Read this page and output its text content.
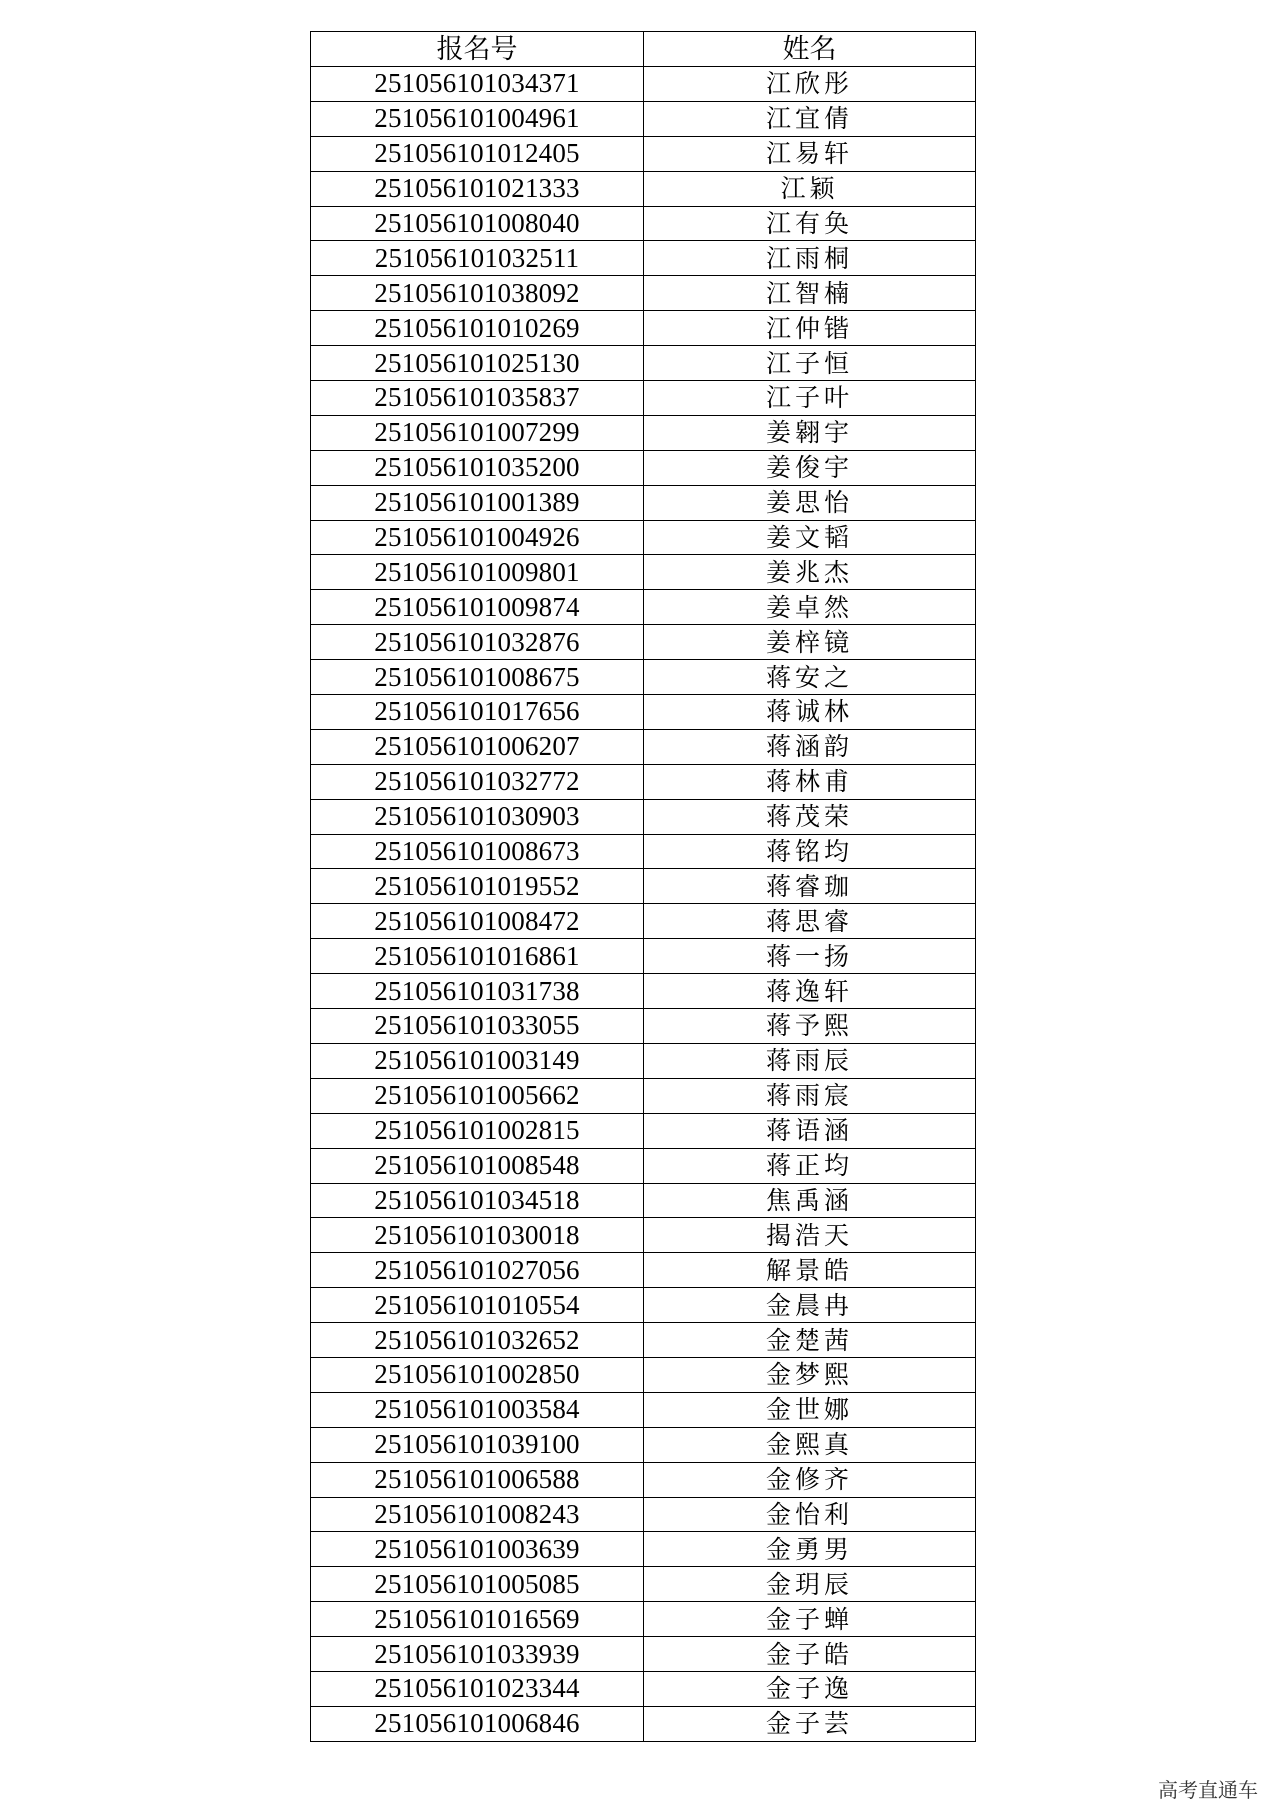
报名号	姓名
251056101034371	江欣彤
251056101004961	江宜倩
251056101012405	江易轩
251056101021333	江颖
251056101008040	江有奂
251056101032511	江雨桐
251056101038092	江智楠
251056101010269	江仲锴
251056101025130	江子恒
251056101035837	江子叶
251056101007299	姜翱宇
251056101035200	姜俊宇
251056101001389	姜思怡
251056101004926	姜文韬
251056101009801	姜兆杰
251056101009874	姜卓然
251056101032876	姜梓镜
251056101008675	蒋安之
251056101017656	蒋诚林
251056101006207	蒋涵韵
251056101032772	蒋林甫
251056101030903	蒋茂荣
251056101008673	蒋铭均
251056101019552	蒋睿珈
251056101008472	蒋思睿
251056101016861	蒋一扬
251056101031738	蒋逸轩
251056101033055	蒋予熙
251056101003149	蒋雨辰
251056101005662	蒋雨宸
251056101002815	蒋语涵
251056101008548	蒋正均
251056101034518	焦禹涵
251056101030018	揭浩天
251056101027056	解景皓
251056101010554	金晨冉
251056101032652	金楚茜
251056101002850	金梦熙
251056101003584	金世娜
251056101039100	金熙真
251056101006588	金修齐
251056101008243	金怡利
251056101003639	金勇男
251056101005085	金玥辰
251056101016569	金子蝉
251056101033939	金子皓
251056101023344	金子逸
251056101006846	金子芸
高考直通车
